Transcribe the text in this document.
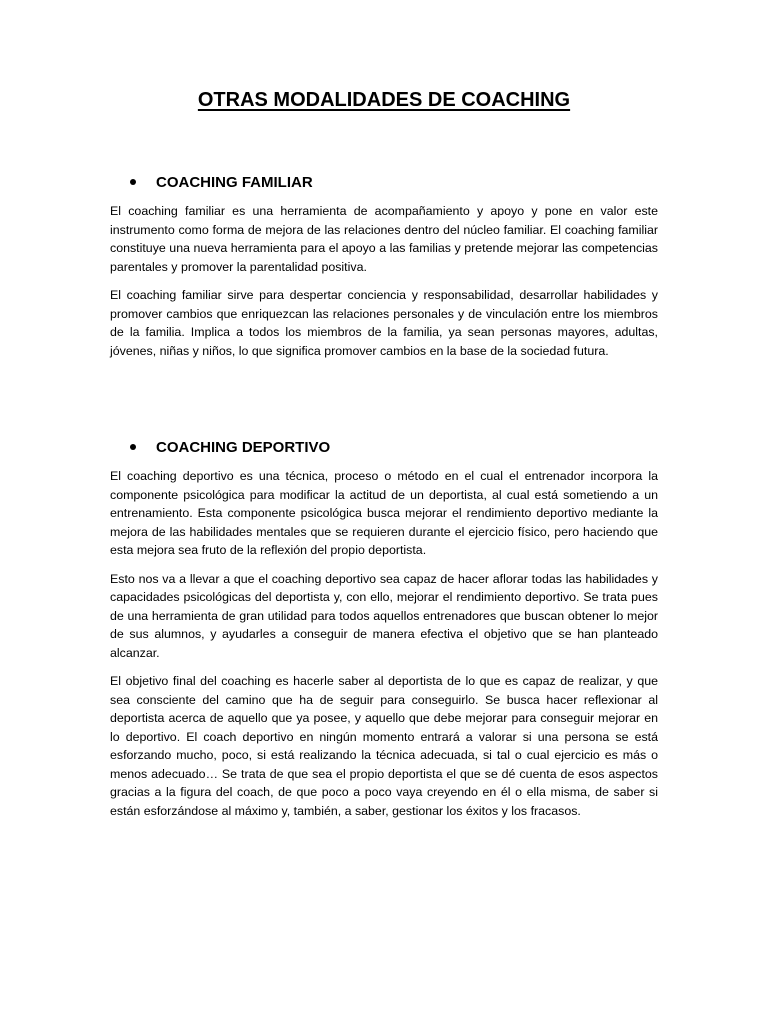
OTRAS MODALIDADES DE COACHING
COACHING FAMILIAR

El coaching familiar es una herramienta de acompañamiento y apoyo y pone en valor este instrumento como forma de mejora de las relaciones dentro del núcleo familiar. El coaching familiar constituye una nueva herramienta para el apoyo a las familias y pretende mejorar las competencias parentales y promover la parentalidad positiva.

El coaching familiar sirve para despertar conciencia y responsabilidad, desarrollar habilidades y promover cambios que enriquezcan las relaciones personales y de vinculación entre los miembros de la familia. Implica a todos los miembros de la familia, ya sean personas mayores, adultas, jóvenes, niñas y niños, lo que significa promover cambios en la base de la sociedad futura.

COACHING DEPORTIVO

El coaching deportivo es una técnica, proceso o método en el cual el entrenador incorpora la componente psicológica para modificar la actitud de un deportista, al cual está sometiendo a un entrenamiento. Esta componente psicológica busca mejorar el rendimiento deportivo mediante la mejora de las habilidades mentales que se requieren durante el ejercicio físico, pero haciendo que esta mejora sea fruto de la reflexión del propio deportista.

Esto nos va a llevar a que el coaching deportivo sea capaz de hacer aflorar todas las habilidades y capacidades psicológicas del deportista y, con ello, mejorar el rendimiento deportivo. Se trata pues de una herramienta de gran utilidad para todos aquellos entrenadores que buscan obtener lo mejor de sus alumnos, y ayudarles a conseguir de manera efectiva el objetivo que se han planteado alcanzar.

El objetivo final del coaching es hacerle saber al deportista de lo que es capaz de realizar, y que sea consciente del camino que ha de seguir para conseguirlo. Se busca hacer reflexionar al deportista acerca de aquello que ya posee, y aquello que debe mejorar para conseguir mejorar en lo deportivo. El coach deportivo en ningún momento entrará a valorar si una persona se está esforzando mucho, poco, si está realizando la técnica adecuada, si tal o cual ejercicio es más o menos adecuado… Se trata de que sea el propio deportista el que se dé cuenta de esos aspectos gracias a la figura del coach, de que poco a poco vaya creyendo en él o ella misma, de saber si están esforzándose al máximo y, también, a saber, gestionar los éxitos y los fracasos.
